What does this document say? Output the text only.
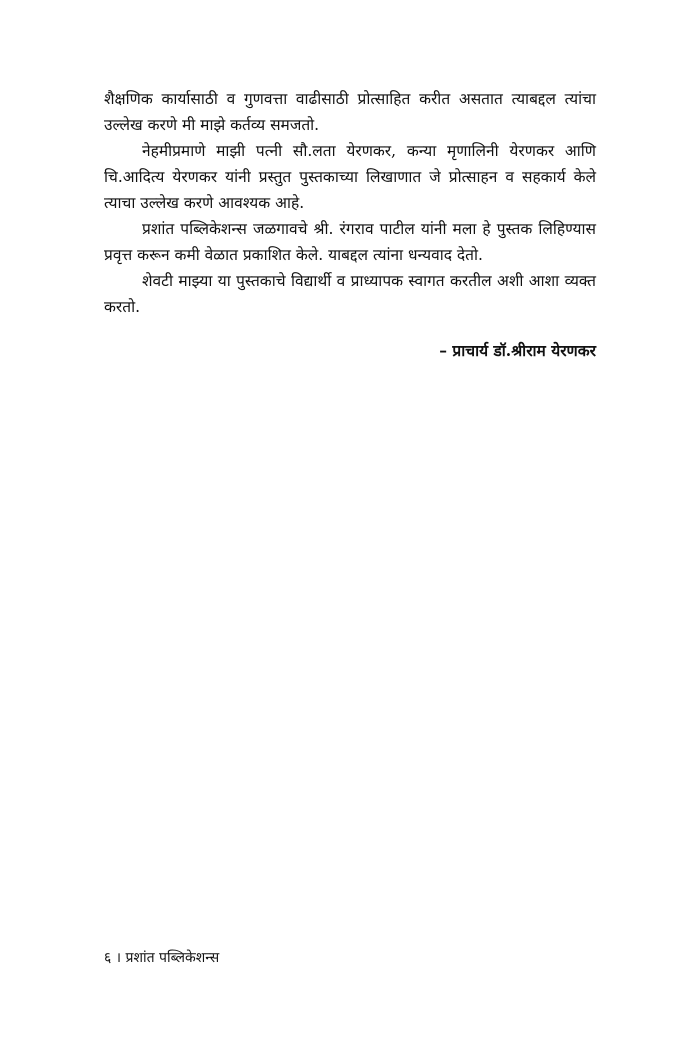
शैक्षणिक कार्यासाठी व गुणवत्ता वाढीसाठी प्रोत्साहित करीत असतात त्याबद्दल त्यांचा उल्लेख करणे मी माझे कर्तव्य समजतो.

नेहमीप्रमाणे माझी पत्नी सौ.लता येरणकर, कन्या मृणालिनी येरणकर आणि चि.आदित्य येरणकर यांनी प्रस्तुत पुस्तकाच्या लिखाणात जे प्रोत्साहन व सहकार्य केले त्याचा उल्लेख करणे आवश्यक आहे.

प्रशांत पब्लिकेशन्स जळगावचे श्री. रंगराव पाटील यांनी मला हे पुस्तक लिहिण्यास प्रवृत्त करून कमी वेळात प्रकाशित केले. याबद्दल त्यांना धन्यवाद देतो.

शेवटी माझ्या या पुस्तकाचे विद्यार्थी व प्राध्यापक स्वागत करतील अशी आशा व्यक्त करतो.

– प्राचार्य डॉ.श्रीराम येरणकर

६ । प्रशांत पब्लिकेशन्स
